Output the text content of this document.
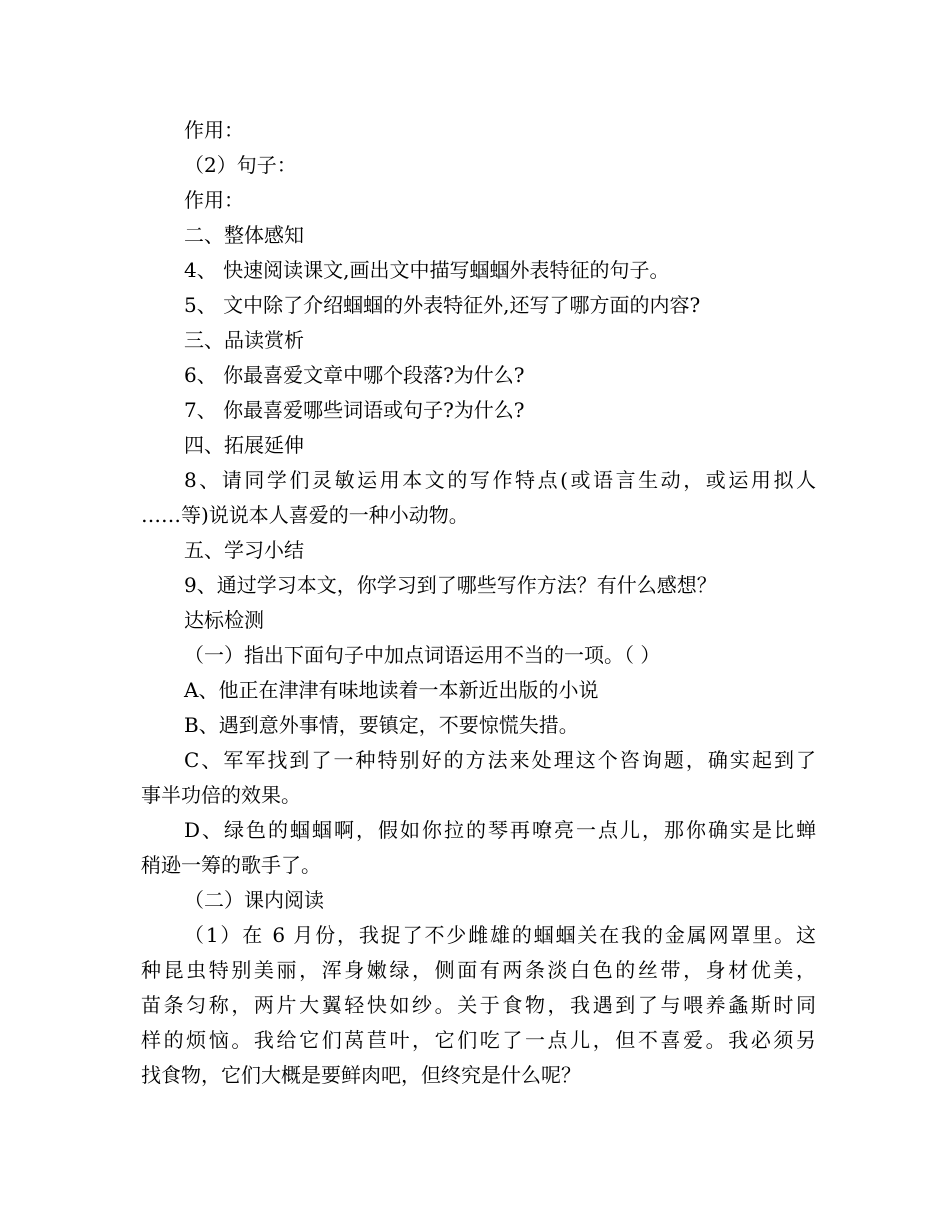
作用：
（2）句子：
作用：
二、整体感知
4、 快速阅读课文,画出文中描写蝈蝈外表特征的句子。
5、 文中除了介绍蝈蝈的外表特征外,还写了哪方面的内容?
三、品读赏析
6、 你最喜爱文章中哪个段落?为什么?
7、 你最喜爱哪些词语或句子?为什么?
四、拓展延伸
8、请同学们灵敏运用本文的写作特点(或语言生动，或运用拟人
……等)说说本人喜爱的一种小动物。
五、学习小结
9、通过学习本文，你学习到了哪些写作方法？有什么感想？
达标检测
（一）指出下面句子中加点词语运用不当的一项。（ ）
A、他正在津津有味地读着一本新近出版的小说
B、遇到意外事情，要镇定，不要惊慌失措。
C、军军找到了一种特别好的方法来处理这个咨询题，确实起到了
事半功倍的效果。
D、绿色的蝈蝈啊，假如你拉的琴再嘹亮一点儿，那你确实是比蝉
稍逊一筹的歌手了。
（二）课内阅读
（1）在 6 月份，我捉了不少雌雄的蝈蝈关在我的金属网罩里。这
种昆虫特别美丽，浑身嫩绿，侧面有两条淡白色的丝带，身材优美，
苗条匀称，两片大翼轻快如纱。关于食物，我遇到了与喂养螽斯时同
样的烦恼。我给它们莴苣叶，它们吃了一点儿，但不喜爱。我必须另
找食物，它们大概是要鲜肉吧，但终究是什么呢？
